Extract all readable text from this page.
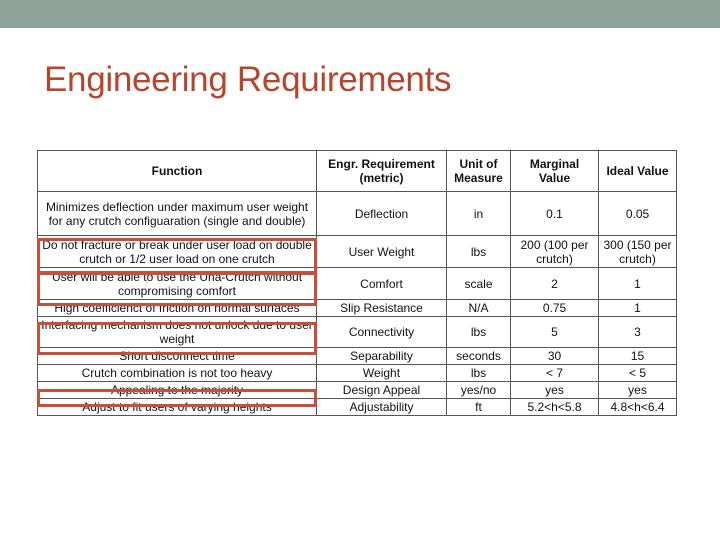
Engineering Requirements
Function	Engr. Requirement (metric)	Unit of Measure	Marginal Value	Ideal Value
Minimizes deflection under maximum user weight for any crutch configuaration (single and double)	Deflection	in	0.1	0.05
Do not fracture or break under user load on double crutch or 1/2 user load on one crutch	User Weight	lbs	200 (100 per crutch)	300 (150 per crutch)
User will be able to use the Una-Crutch without compromising comfort	Comfort	scale	2	1
High coefficienct of friction on normal surfaces	Slip Resistance	N/A	0.75	1
Interfacing mechanism does not unlock due to user weight	Connectivity	lbs	5	3
Short disconnect time	Separability	seconds	30	15
Crutch combination is not too heavy	Weight	lbs	< 7	< 5
Appealing to the majority	Design Appeal	yes/no	yes	yes
Adjust to fit users of varying heights	Adjustability	ft	5.2<h<5.8	4.8<h<6.4
